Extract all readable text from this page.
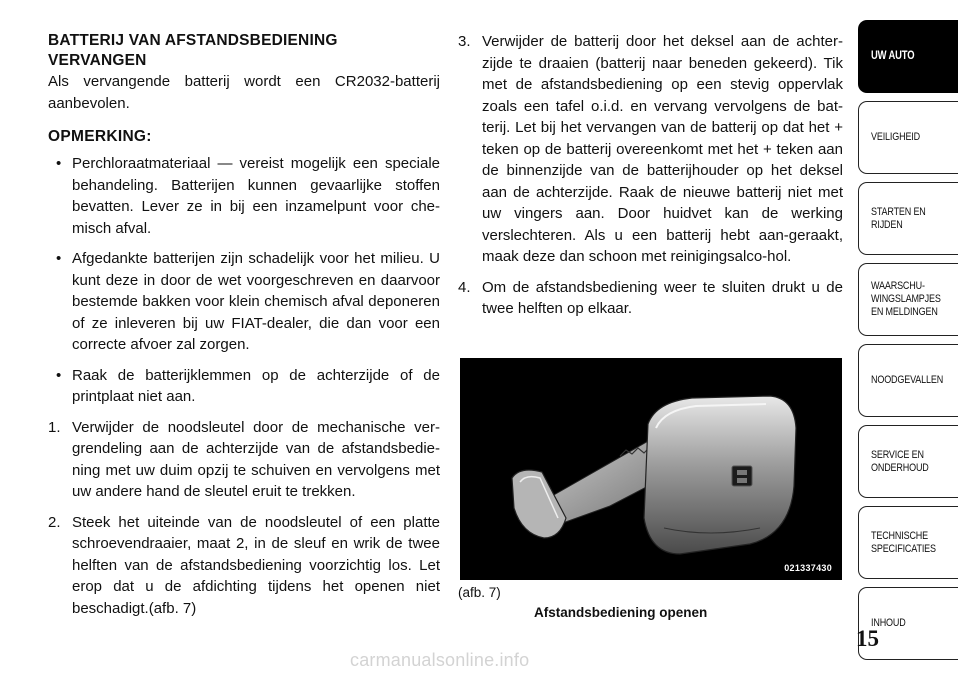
BATTERIJ VAN AFSTANDSBEDIENING
VERVANGEN

Als vervangende batterij wordt een CR2032-batterij aanbevolen.

OPMERKING:

• Perchloraatmateriaal — vereist mogelijk een speciale behandeling. Batterijen kunnen gevaarlijke stoffen bevatten. Lever ze in bij een inzamelpunt voor che-misch afval.
• Afgedankte batterijen zijn schadelijk voor het milieu. U kunt deze in door de wet voorgeschreven en daarvoor bestemde bakken voor klein chemisch afval deponeren of ze inleveren bij uw FIAT-dealer, die dan voor een correcte afvoer zal zorgen.
• Raak de batterijklemmen op de achterzijde of de printplaat niet aan.
1. Verwijder de noodsleutel door de mechanische ver-grendeling aan de achterzijde van de afstandsbedie-ning met uw duim opzij te schuiven en vervolgens met uw andere hand de sleutel eruit te trekken.
2. Steek het uiteinde van de noodsleutel of een platte schroevendraaier, maat 2, in de sleuf en wrik de twee helften van de afstandsbediening voorzichtig los. Let erop dat u de afdichting tijdens het openen niet beschadigt.(afb. 7)
3. Verwijder de batterij door het deksel aan de achter-zijde te draaien (batterij naar beneden gekeerd). Tik met de afstandsbediening op een stevig oppervlak zoals een tafel o.i.d. en vervang vervolgens de bat-terij. Let bij het vervangen van de batterij op dat het + teken op de batterij overeenkomt met het + teken aan de binnenzijde van de batterijhouder op het deksel aan de achterzijde. Raak de nieuwe batterij niet met uw vingers aan. Door huidvet kan de werking verslechteren. Als u een batterij hebt aan-geraakt, maak deze dan schoon met reinigingsalco-hol.
4. Om de afstandsbediening weer te sluiten drukt u de twee helften op elkaar.
021337430
(afb. 7)
Afstandsbediening openen
UW AUTO
VEILIGHEID
STARTEN EN
RIJDEN
WAARSCHU-
WINGSLAMPJES
EN MELDINGEN
NOODGEVALLEN
SERVICE EN
ONDERHOUD
TECHNISCHE
SPECIFICATIES
INHOUD
15
carmanualsonline.info
